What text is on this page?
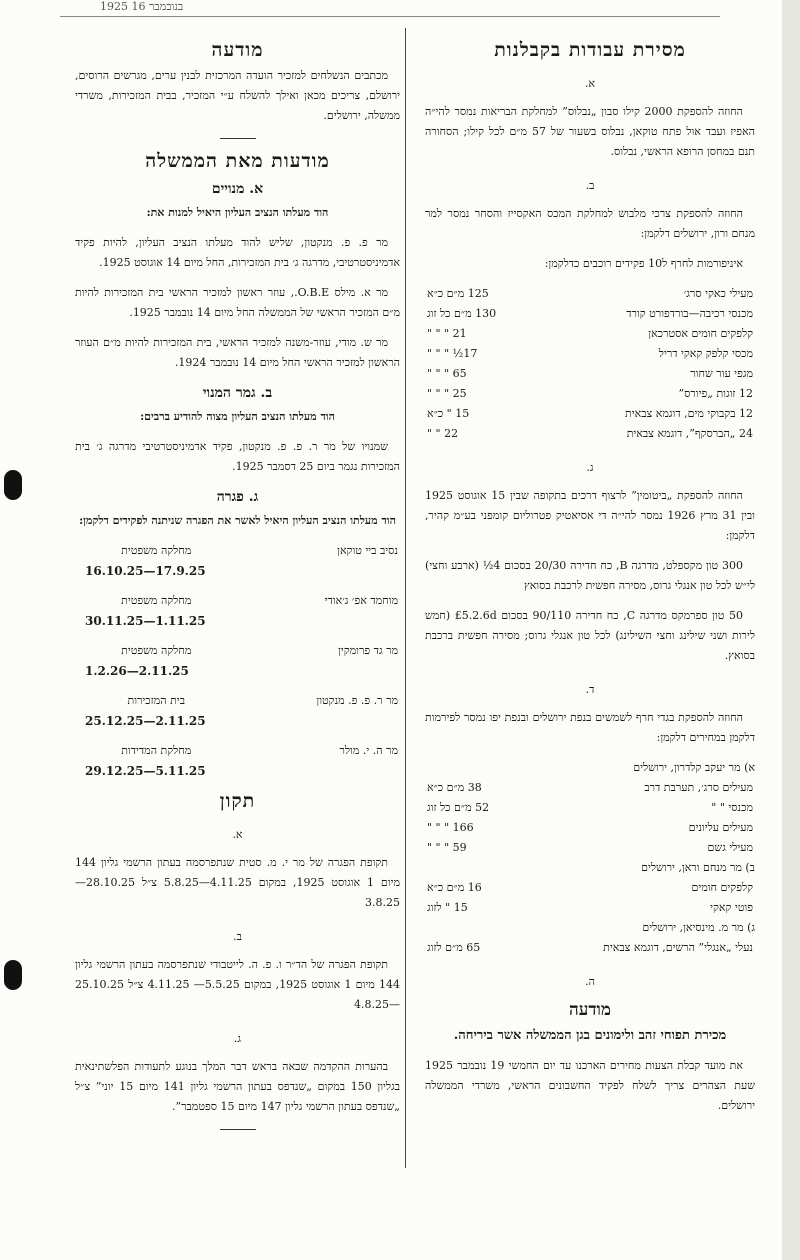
1925 בנובמבר 16
מסירת עבודות בקבלנות
א.

החוזה להספקת 2000 קילו סבון „נבלוס” למחלקת הבריאות נמסר להי״ה האפיז ועבד אול פתח טוקאן, נבלוס בשעור של 57 מ״ם לכל קילו; הסחורה תנם במחסן הרופא הראשי, נבלוס.

ב.

החוזה להספקת צרכי מלבוש למחלקת המכס האקסייז והסחר נמסר למר מנחם ורון, ירושלים דלקמן:

איניפורמות לחרף ל10 פקידים רוכבים כדלקמן:

מעילי כאקי סרג׳	125 מ״ם כ״א
מכנסי רכיבה—בורדפורט קורד	130 מ״ם כל זוג
קלפקים חומים אסטרכאן	21 " " "
מכסי קלפק קאקי דריל	17½ " " "
מגפי עור שחור	65 " " "
12 זוגות „פיורס”	25 " " "
12 בקבוקי מים, דוגמא צבאית	15 " כ״א
24 „הברסקף”, דוגמא צבאית	22 " "
ג.

החוזה להספקת „ביטומין” לרצוף דרכים בתקופה שבין 15 אוגוסט 1925 ובין 31 מרץ 1926 נמסר להי״ה די אסיאטיק פטרוליום קומפני בע״מ קהיר, דלקמן:

300 טון מקספלט, מדרגה B, כח חדירה 20/30 בסכום 4½ (ארבע וחצי) לי״ש לכל טון אנגלי גרוס, מסירה חפשית לרכבת בסואץ

50 טון ספרמקס מדרגה C, כח חדירה 90/110 בסכום £5.2.6d (חמש לירות ושני שילינג וחצי השילינג) לכל טון אנגלי גרוס; מסירה חפשית ברכבת בסואץ.

ד.

החוזה להספקת בגדי חרף לשמשים בנפת ירושלים ובנפת יפו נמסר לפירמות דלקמן במחירים דלקמן:

א) מר יעקב קלדרון, ירושלים
מעילים סרג׳, תערבת דרב	38 מ״ם כ״א
מכנסי " "	52 מ״ם כל זוג
מעילים עליונים	166 " " "
מעילי גשם	59 " " "
ב) מר מנחם וראן, ירושלים
קלפקים חומים	16 מ״ם כ״א
פוטי קאקי	15 " לזוג
ג) מר מ. מינסיאן, ירושלים
נעלי „אנגלי” הרשים, דוגמא צבאית	65 מ״ם לזוג
ה.
מודעה

מכירת תפוחי זהב ולימונים בגן הממשלה אשר ביריחה.

את מועד קבלת הצעות מחירים הארכנו עד יום החמשי 19 נובמבר 1925 שעת הצהרים צריך לשלח לפקיד החשבונים הראשי, משרדי הממשלה ירושלים.

מודעה

מכתבים הנשלחים למזכיר הועדה המרכזית לבנין ערים, מגרשים הרוסים, ירושלם, צריכים מכאן ואילך להשלח ע״י המזכיר, בבית המזכירות, משרדי ממשלה, ירושלים.

מודעות מאת הממשלה
א. מנויים

הוד מעלתו הנציב העליון היאיל למנות את:

מר פ. פ. מנקטון, שליש להוד מעלתו הנציב העליון, להיות פקיד אדמיניסטרטיבי, מדרגה ג׳ בית המזכירות, החל מיום 14 אוגוסט 1925.

מר א. מילס O.B.E., עוזר ראשון למזכיר הראשי בית המזכירות להיות מ״ם המזכיר הראשי של הממשלה החל מיום 14 נובמבר 1925.

מר ש. מודי, עוזר-משנה למזכיר הראשי, בית המזכירות להיות מ״ם העוזר הראשון למזכיר הראשי החל מיום 14 נובמבר 1924.

ב. גמר המנוי

הוד מעלתו הנציב העליון מצוה להודיע ברבים:

שמנויו של מר ר. פ. פ. מנקטון, פקיד אדמיניסטרטיבי מדרגה ג׳ בית המזכירות נגמר ביום 25 דסמבר 1925.

ג. פגרה

הוד מעלתו הנציב העליון היאיל לאשר את הפגרה שניתנה לפקידים דלקמן:

נסיב ביי טוקאן	מחלקה משפטית
16.10.25—17.9.25
מוחמד אפ׳ ג׳אודי	מחלקה משפטית
30.11.25—1.11.25
מר גד פרומקין	מחלקה משפטית
1.2.26—2.11.25
מר ר. פ. פ. מנקטון	בית המזכירות
25.12.25—2.11.25
מר ה. י. מולר	מחלקת המדידות
29.12.25—5.11.25
תקון
א.

תקופת הפגרה של מר י. מ. סטית שנתפרסמה בעתון הרשמי גליון 144 מיום 1 אוגוסט 1925, במקום 4.11.25—5.8.25 צ״ל 28.10.25—3.8.25

ב.

תקופת הפגרה של הד״ר ו. פ. ה. לייטבודי שנתפרסמה בעתון הרשמי גליון 144 מיום 1 אוגוסט 1925, במקום 5.5.25— 4.11.25 צ״ל 25.10.25—4.8.25

ג.

בהערות ההקדמה שבאה בראש דבר המלך בנוגע לתעודות הפלשתינאית בגליון 150 במקום „שנדפס בעתון הרשמי גליון 141 מיום 15 יוני” צ״ל „שנדפס בעתון הרשמי גליון 147 מיום 15 ספטמבר”.
